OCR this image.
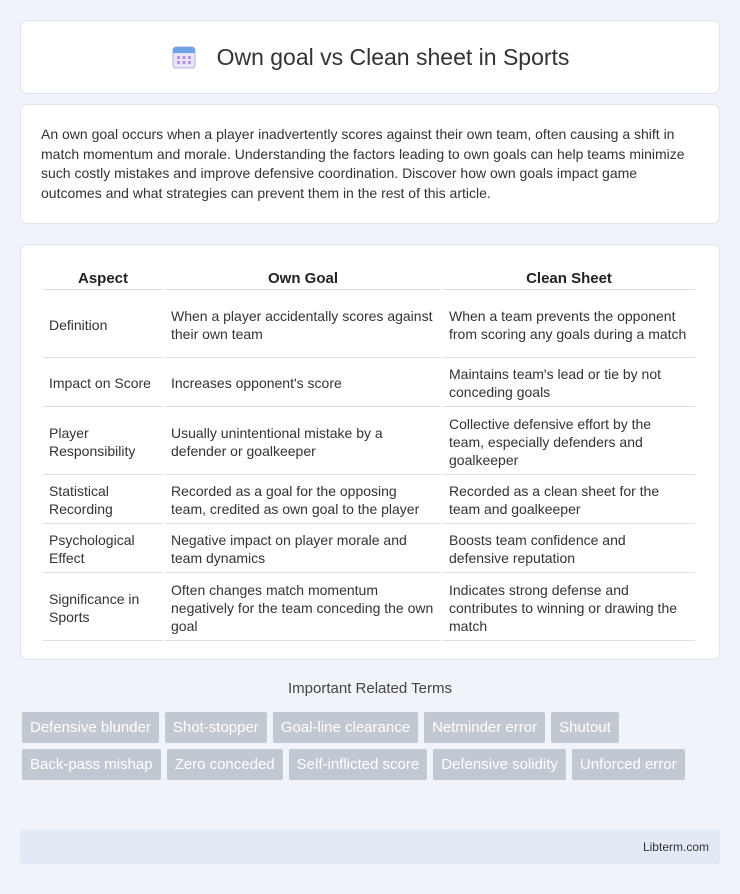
Own goal vs Clean sheet in Sports

An own goal occurs when a player inadvertently scores against their own team, often causing a shift in match momentum and morale. Understanding the factors leading to own goals can help teams minimize such costly mistakes and improve defensive coordination. Discover how own goals impact game outcomes and what strategies can prevent them in the rest of this article.

Aspect	Own Goal	Clean Sheet
Definition	When a player accidentally scores against their own team	When a team prevents the opponent from scoring any goals during a match
Impact on Score	Increases opponent's score	Maintains team's lead or tie by not conceding goals
Player Responsibility	Usually unintentional mistake by a defender or goalkeeper	Collective defensive effort by the team, especially defenders and goalkeeper
Statistical Recording	Recorded as a goal for the opposing team, credited as own goal to the player	Recorded as a clean sheet for the team and goalkeeper
Psychological Effect	Negative impact on player morale and team dynamics	Boosts team confidence and defensive reputation
Significance in Sports	Often changes match momentum negatively for the team conceding the own goal	Indicates strong defense and contributes to winning or drawing the match
Important Related Terms
Defensive blunder	Shot-stopper	Goal-line clearance	Netminder error	Shutout
Back-pass mishap	Zero conceded	Self-inflicted score	Defensive solidity	Unforced error
Libterm.com
